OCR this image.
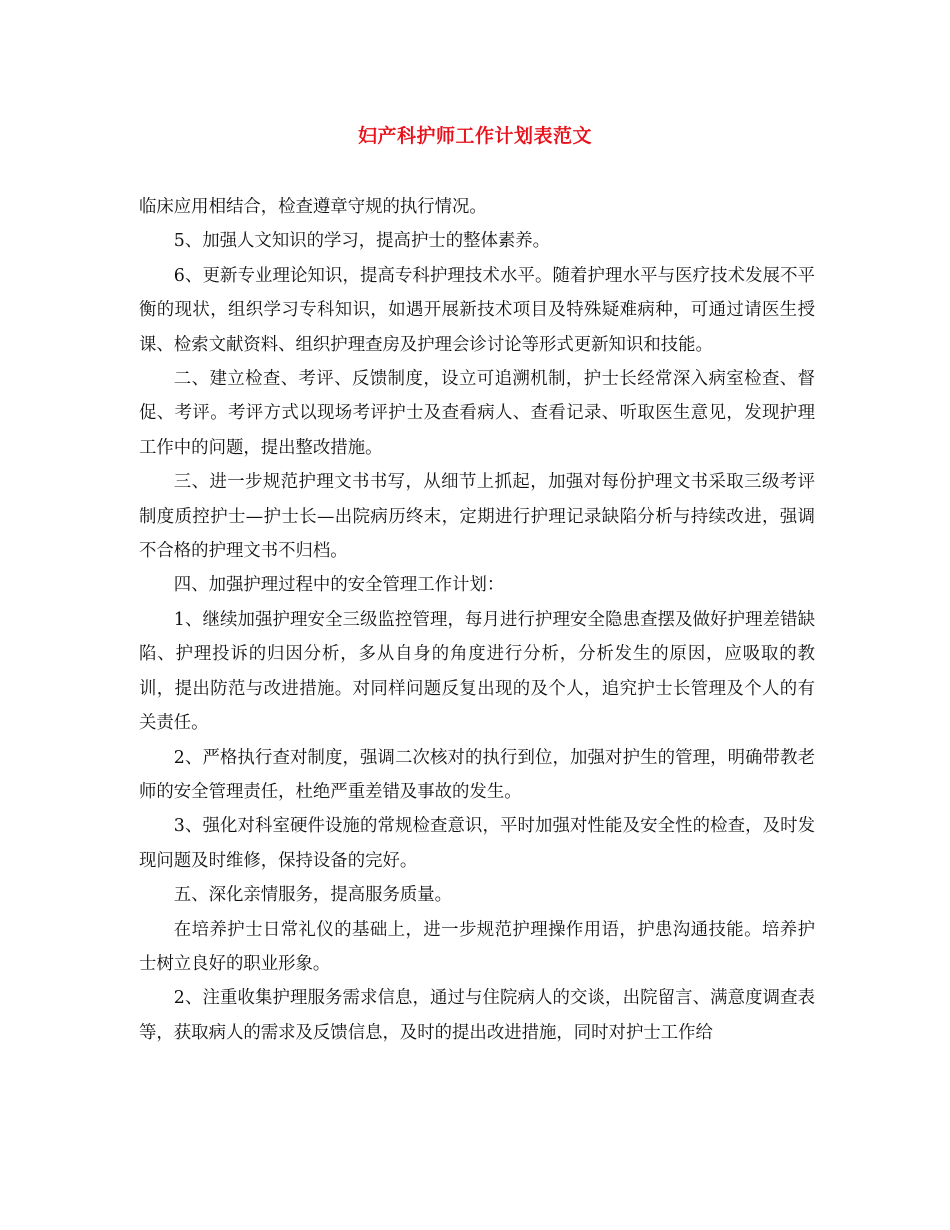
妇产科护师工作计划表范文

临床应用相结合，检查遵章守规的执行情况。

5、加强人文知识的学习，提高护士的整体素养。

6、更新专业理论知识，提高专科护理技术水平。随着护理水平与医疗技术发展不平衡的现状，组织学习专科知识，如遇开展新技术项目及特殊疑难病种，可通过请医生授课、检索文献资料、组织护理查房及护理会诊讨论等形式更新知识和技能。

二、建立检查、考评、反馈制度，设立可追溯机制，护士长经常深入病室检查、督促、考评。考评方式以现场考评护士及查看病人、查看记录、听取医生意见，发现护理工作中的问题，提出整改措施。

三、进一步规范护理文书书写，从细节上抓起，加强对每份护理文书采取三级考评制度质控护士—护士长—出院病历终末，定期进行护理记录缺陷分析与持续改进，强调不合格的护理文书不归档。

四、加强护理过程中的安全管理工作计划：

1、继续加强护理安全三级监控管理，每月进行护理安全隐患查摆及做好护理差错缺陷、护理投诉的归因分析，多从自身的角度进行分析，分析发生的原因，应吸取的教训，提出防范与改进措施。对同样问题反复出现的及个人，追究护士长管理及个人的有关责任。

2、严格执行查对制度，强调二次核对的执行到位，加强对护生的管理，明确带教老师的安全管理责任，杜绝严重差错及事故的发生。

3、强化对科室硬件设施的常规检查意识，平时加强对性能及安全性的检查，及时发现问题及时维修，保持设备的完好。

五、深化亲情服务，提高服务质量。

在培养护士日常礼仪的基础上，进一步规范护理操作用语，护患沟通技能。培养护士树立良好的职业形象。

2、注重收集护理服务需求信息，通过与住院病人的交谈，出院留言、满意度调查表等，获取病人的需求及反馈信息，及时的提出改进措施，同时对护士工作给
